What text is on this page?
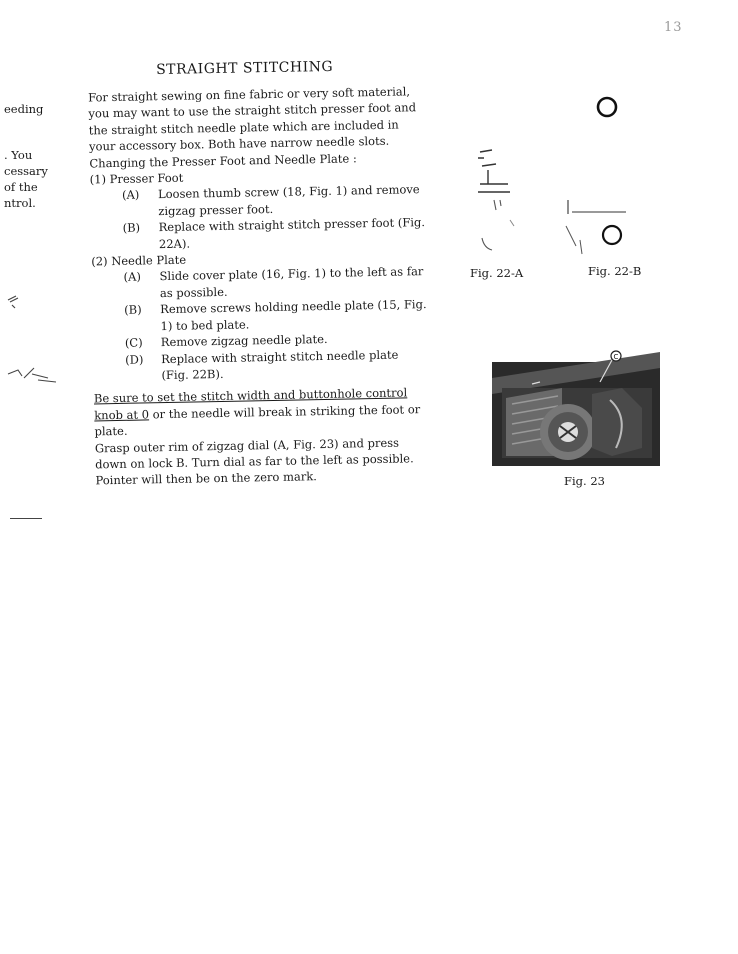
13
STRAIGHT STITCHING
eeding
. You
cessary
of the
ntrol.

For straight sewing on fine fabric or very soft material, you may want to use the straight stitch presser foot and the straight stitch needle plate which are included in your accessory box. Both have narrow needle slots.

Changing the Presser Foot and Needle Plate :

(1) Presser Foot

(A)	Loosen thumb screw (18, Fig. 1) and remove zigzag presser foot.
(B)	Replace with straight stitch presser foot (Fig. 22A).

(2) Needle Plate

(A)	Slide cover plate (16, Fig. 1) to the left as far as possible.
(B)	Remove screws holding needle plate (15, Fig. 1) to bed plate.
(C)	Remove zigzag needle plate.
(D)	Replace with straight stitch needle plate (Fig. 22B).

Be sure to set the stitch width and buttonhole control knob at 0 or the needle will break in striking the foot or plate.

Grasp outer rim of zigzag dial (A, Fig. 23) and press down on lock B. Turn dial as far to the left as possible. Pointer will then be on the zero mark.

Fig. 22-A	Fig. 22-B
C
Fig. 23
